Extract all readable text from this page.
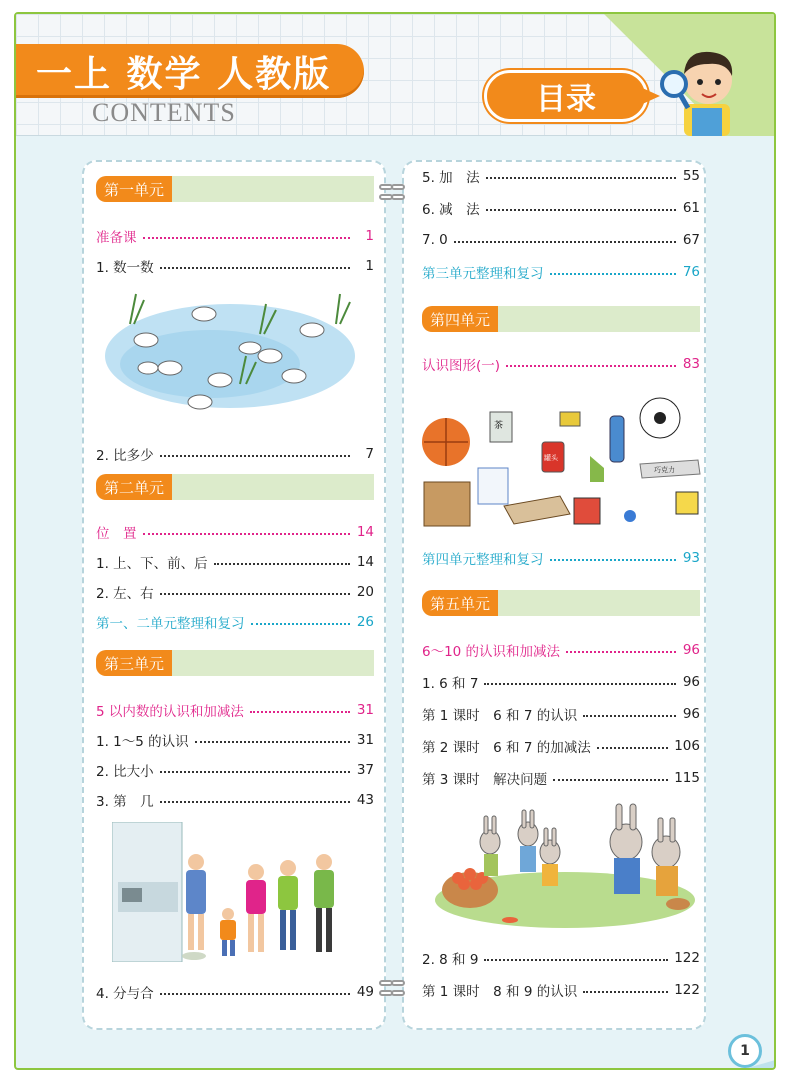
一上 数学 人教版
CONTENTS	目录
第一单元
准备课	1
1. 数一数	1
2. 比多少	7
第二单元
位　置	14
1. 上、下、前、后	14
2. 左、右	20
第一、二单元整理和复习	26
第三单元
5 以内数的认识和加减法	31
1. 1～5 的认识	31
2. 比大小	37
3. 第　几	43
4. 分与合	49
5. 加　法	55
6. 减　法	61
7. 0	67
第三单元整理和复习	76
第四单元
认识图形(一)	83
茶
罐头
巧克力
第四单元整理和复习	93
第五单元
6～10 的认识和加减法	96
1. 6 和 7	96
第 1 课时　6 和 7 的认识	96
第 2 课时　6 和 7 的加减法	106
第 3 课时　解决问题	115
2. 8 和 9	122
第 1 课时　8 和 9 的认识	122
1
